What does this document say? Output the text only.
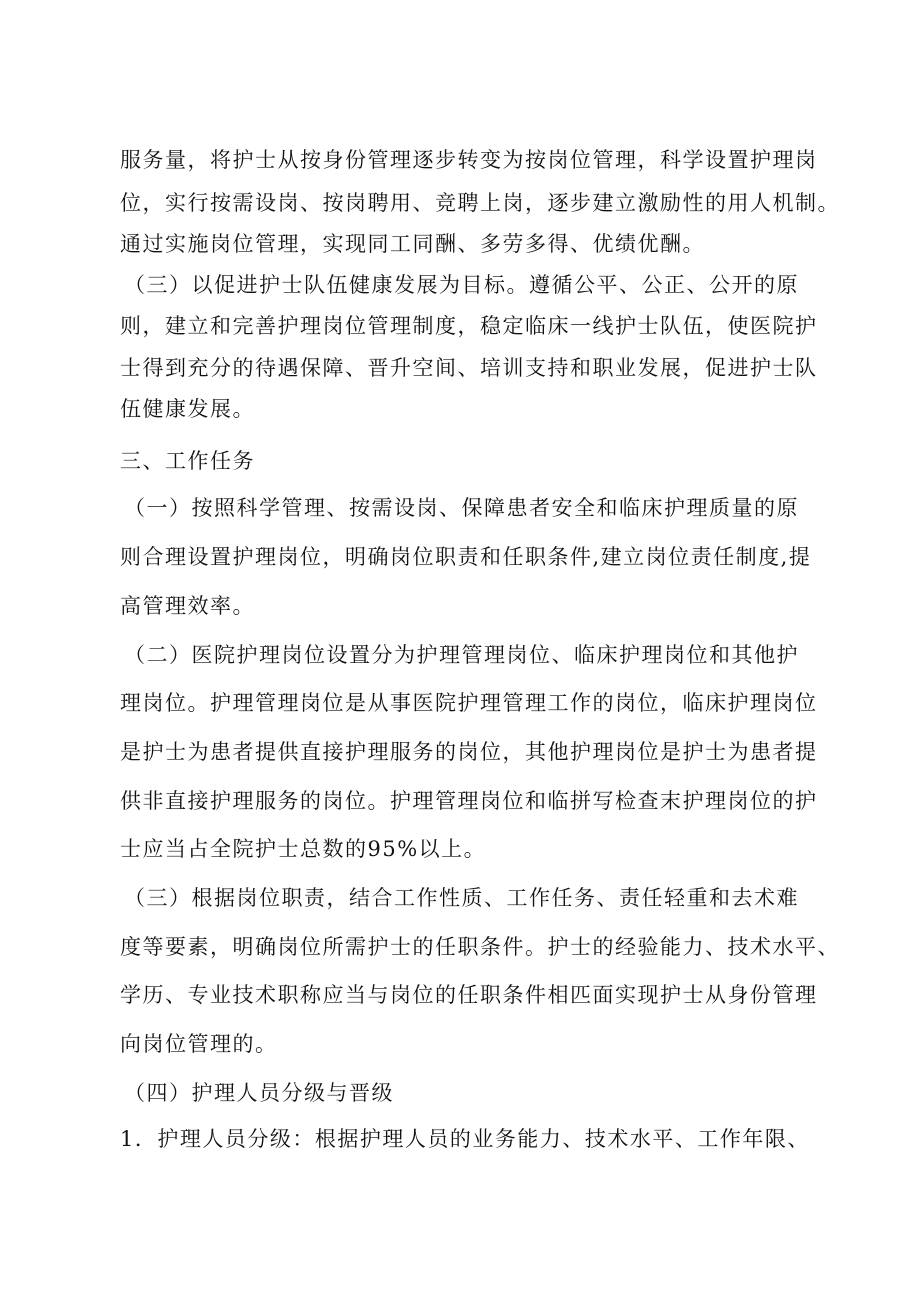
服务量，将护士从按身份管理逐步转变为按岗位管理，科学设置护理岗
位，实行按需设岗、按岗聘用、竞聘上岗，逐步建立激励性的用人机制。
通过实施岗位管理，实现同工同酬、多劳多得、优绩优酬。
（三）以促进护士队伍健康发展为目标。遵循公平、公正、公开的原
则，建立和完善护理岗位管理制度，稳定临床一线护士队伍，使医院护
士得到充分的待遇保障、晋升空间、培训支持和职业发展，促进护士队
伍健康发展。
三、工作任务
（一）按照科学管理、按需设岗、保障患者安全和临床护理质量的原
则合理设置护理岗位，明确岗位职责和任职条件,建立岗位责任制度,提
高管理效率。
（二）医院护理岗位设置分为护理管理岗位、临床护理岗位和其他护
理岗位。护理管理岗位是从事医院护理管理工作的岗位，临床护理岗位
是护士为患者提供直接护理服务的岗位，其他护理岗位是护士为患者提
供非直接护理服务的岗位。护理管理岗位和临拼写检查末护理岗位的护
士应当占全院护士总数的95%以上。
（三）根据岗位职责，结合工作性质、工作任务、责任轻重和去术难
度等要素，明确岗位所需护士的任职条件。护士的经验能力、技术水平、
学历、专业技术职称应当与岗位的任职条件相匹面实现护士从身份管理
向岗位管理的。
（四）护理人员分级与晋级
1．护理人员分级：根据护理人员的业务能力、技术水平、工作年限、
